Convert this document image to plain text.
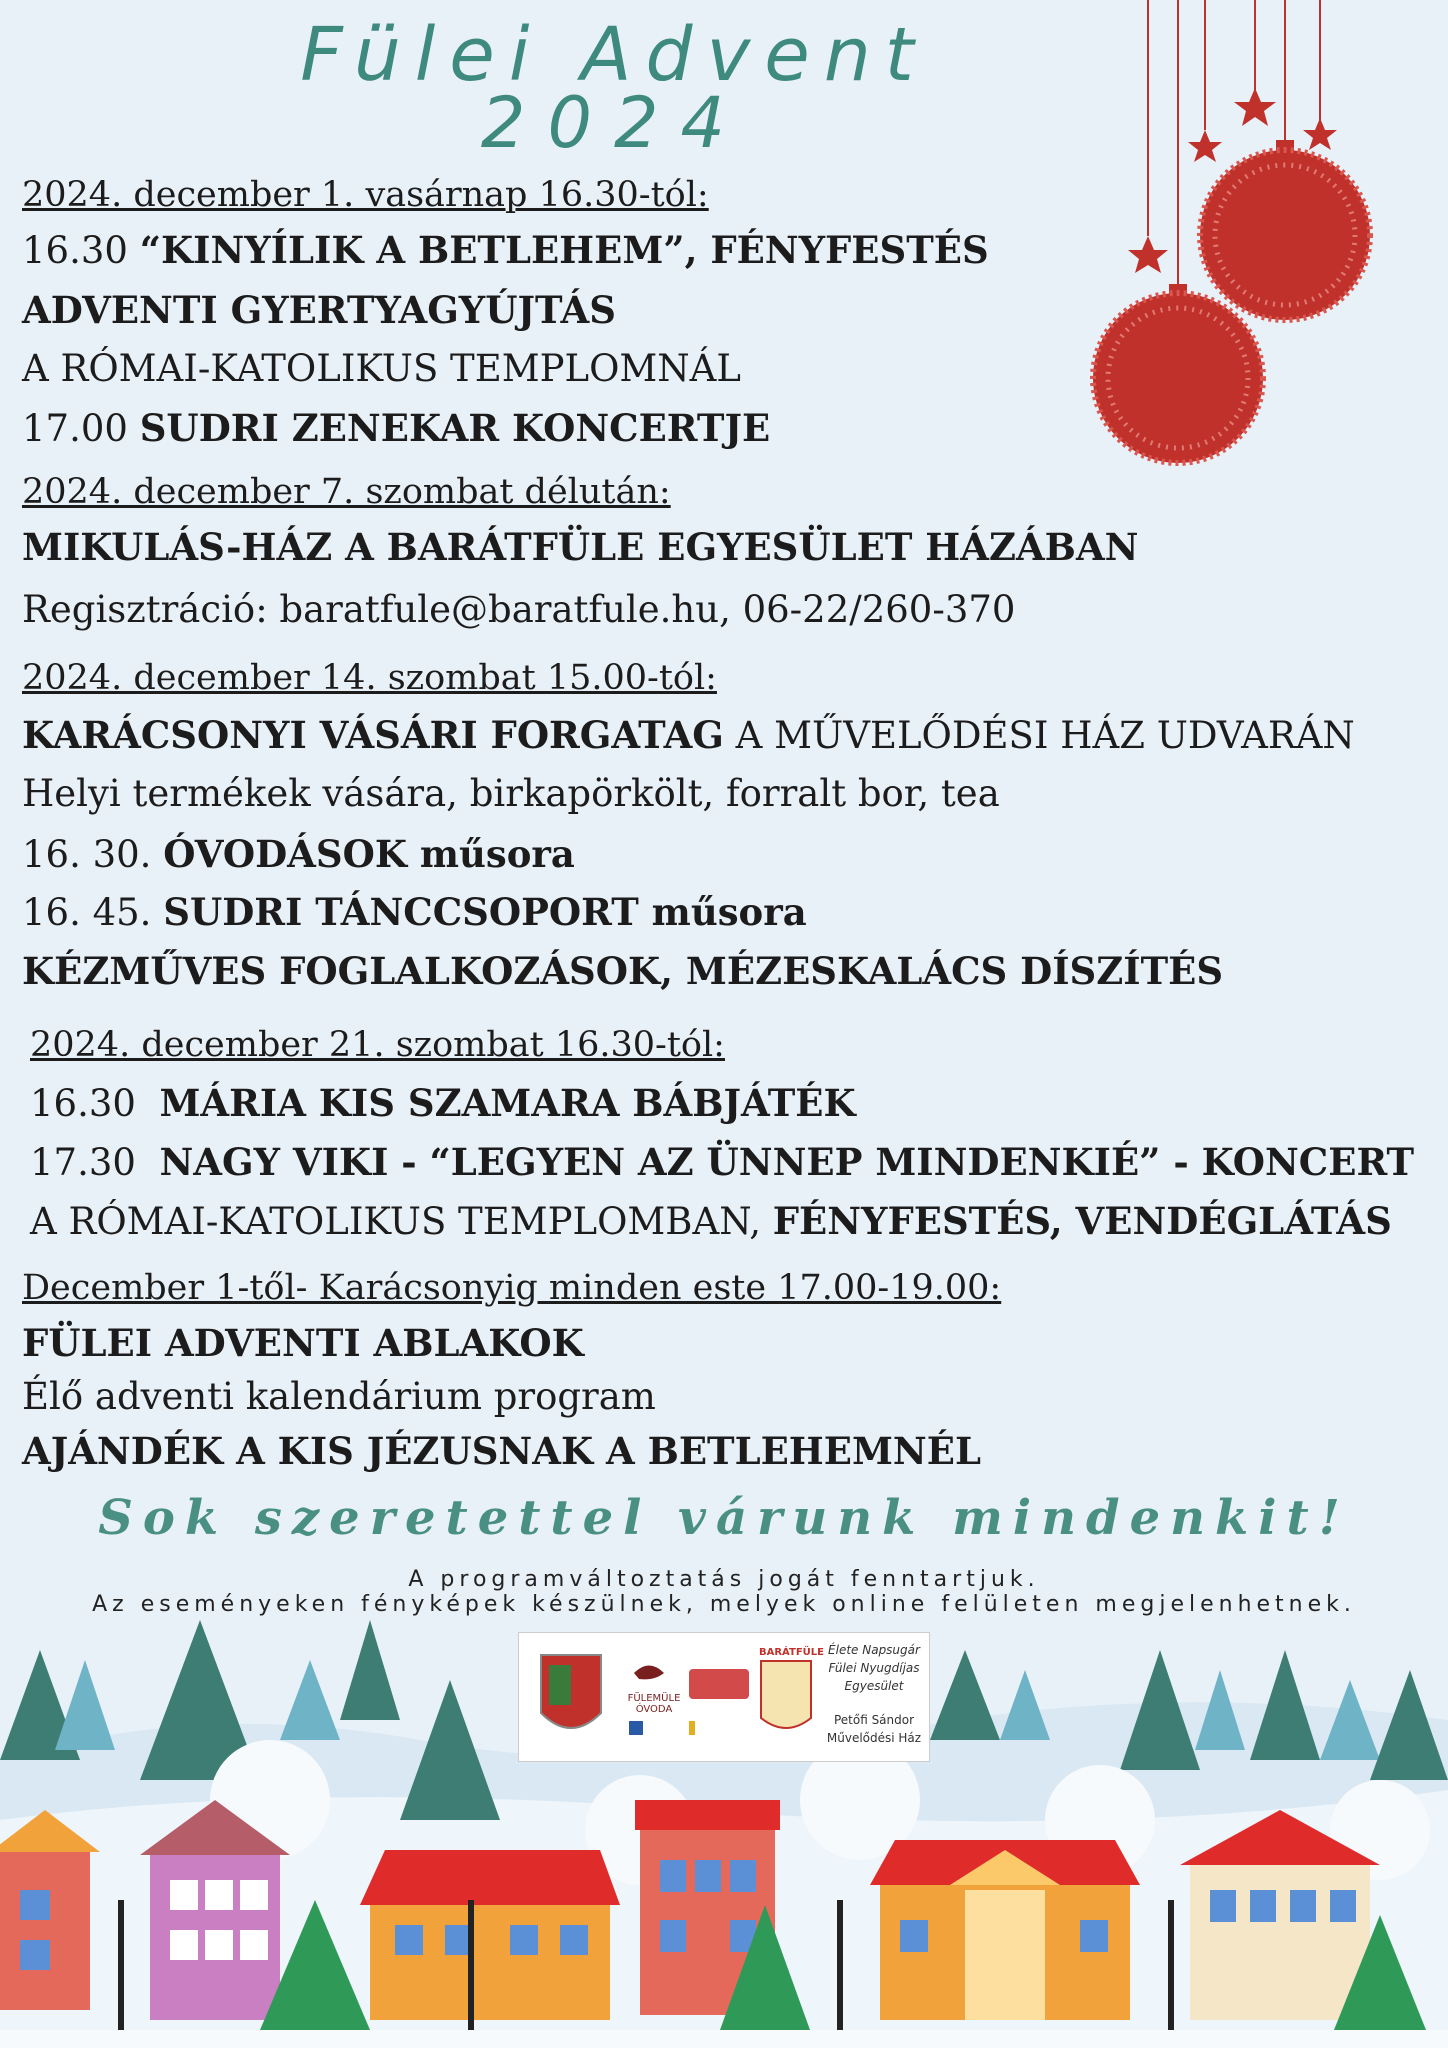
Fülei Advent
2024
2024. december 1. vasárnap 16.30-tól:
16.30 “KINYÍLIK A BETLEHEM”, FÉNYFESTÉS
ADVENTI GYERTYAGYÚJTÁS
A RÓMAI-KATOLIKUS TEMPLOMNÁL
17.00 SUDRI ZENEKAR KONCERTJE
2024. december 7. szombat délután:
MIKULÁS-HÁZ A BARÁTFÜLE EGYESÜLET HÁZÁBAN
Regisztráció: baratfule@baratfule.hu, 06-22/260-370
2024. december 14. szombat 15.00-tól:
KARÁCSONYI VÁSÁRI FORGATAG A MŰVELŐDÉSI HÁZ UDVARÁN
Helyi termékek vására, birkapörkölt, forralt bor, tea
16. 30. ÓVODÁSOK műsora
16. 45. SUDRI TÁNCCSOPORT műsora
KÉZMŰVES FOGLALKOZÁSOK, MÉZESKALÁCS DÍSZÍTÉS
2024. december 21. szombat 16.30-tól:
16.30 MÁRIA KIS SZAMARA BÁBJÁTÉK
17.30 NAGY VIKI - “LEGYEN AZ ÜNNEP MINDENKIÉ” - KONCERT
A RÓMAI-KATOLIKUS TEMPLOMBAN, FÉNYFESTÉS, VENDÉGLÁTÁS
December 1-től- Karácsonyig minden este 17.00-19.00:
FÜLEI ADVENTI ABLAKOK
Élő adventi kalendárium program
AJÁNDÉK A KIS JÉZUSNAK A BETLEHEMNÉL
Sok szeretettel várunk mindenkit!
A programváltoztatás jogát fenntartjuk.
Az eseményeken fényképek készülnek, melyek online felületen megjelenhetnek.
FÜLEMÜLE ÓVODA
BARÁTFÜLE Élete Napsugár
Fülei Nyugdíjas
Egyesület
Petőfi Sándor
Művelődési Ház
